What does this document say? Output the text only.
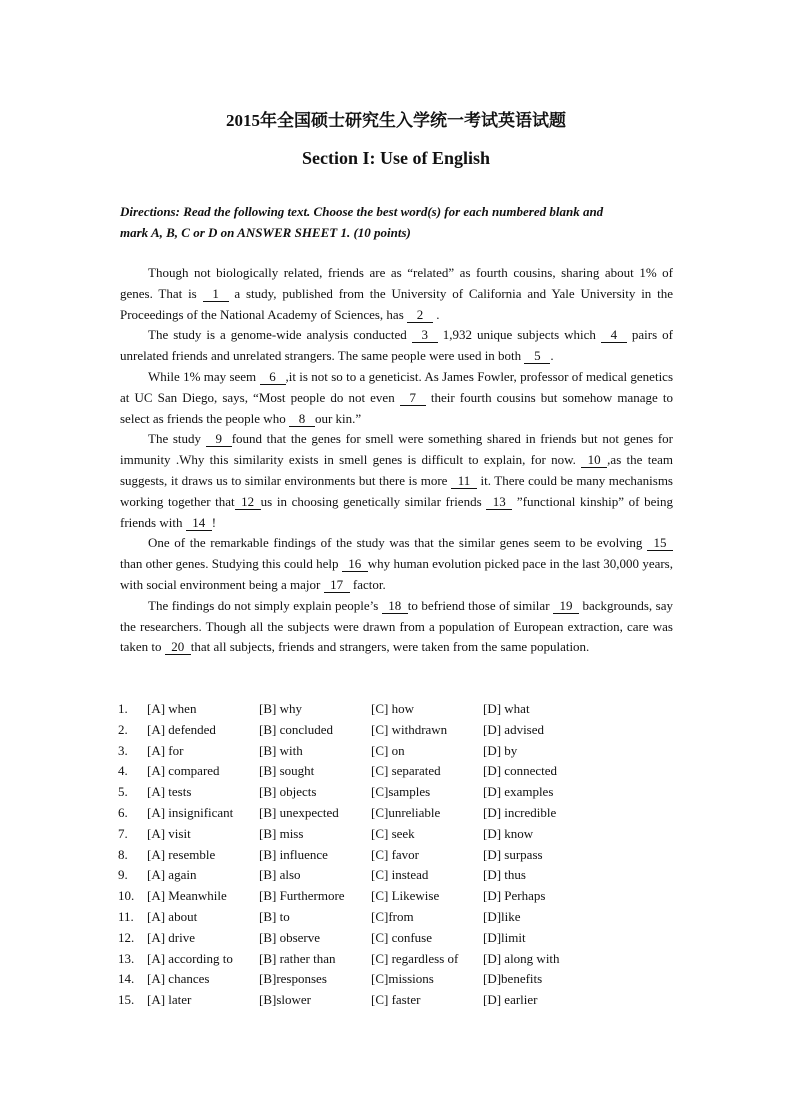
2015年全国硕士研究生入学统一考试英语试题
Section I: Use of English
Directions: Read the following text. Choose the best word(s) for each numbered blank and
mark A, B, C or D on ANSWER SHEET 1. (10 points)

Though not biologically related, friends are as “related” as fourth cousins, sharing about 1% of genes. That is 1 a study, published from the University of California and Yale University in the Proceedings of the National Academy of Sciences, has 2 .

The study is a genome-wide analysis conducted 3 1,932 unique subjects which 4 pairs of unrelated friends and unrelated strangers. The same people were used in both 5 .

While 1% may seem 6 ,it is not so to a geneticist. As James Fowler, professor of medical genetics at UC San Diego, says, “Most people do not even 7 their fourth cousins but somehow manage to select as friends the people who 8 our kin.”

The study 9 found that the genes for smell were something shared in friends but not genes for immunity .Why this similarity exists in smell genes is difficult to explain, for now. 10 ,as the team suggests, it draws us to similar environments but there is more 11 it. There could be many mechanisms working together that 12 us in choosing genetically similar friends 13 ”functional kinship” of being friends with 14 !

One of the remarkable findings of the study was that the similar genes seem to be evolving 15 than other genes. Studying this could help 16 why human evolution picked pace in the last 30,000 years, with social environment being a major 17 factor.

The findings do not simply explain people’s 18 to befriend those of similar 19 backgrounds, say the researchers. Though all the subjects were drawn from a population of European extraction, care was taken to 20 that all subjects, friends and strangers, were taken from the same population.

1. [A] when	[B] why	[C] how	[D] what
2. [A] defended	[B] concluded	[C] withdrawn	[D] advised
3. [A] for	[B] with	[C] on	[D] by
4. [A] compared	[B] sought	[C] separated	[D] connected
5. [A] tests	[B] objects	[C]samples	[D] examples
6. [A] insignificant [B] unexpected [C]unreliable	[D] incredible
7. [A] visit	[B] miss	[C] seek	[D] know
8. [A] resemble	[B] influence	[C] favor	[D] surpass
9. [A] again	[B] also	[C] instead	[D] thus
10. [A] Meanwhile [B] Furthermore [C] Likewise	[D] Perhaps
11. [A] about	[B] to	[C]from	[D]like
12. [A] drive	[B] observe	[C] confuse	[D]limit
13. [A] according to [B] rather than	[C] regardless of [D] along with
14. [A] chances	[B]responses	[C]missions	[D]benefits
15. [A] later	[B]slower	[C] faster	[D] earlier
